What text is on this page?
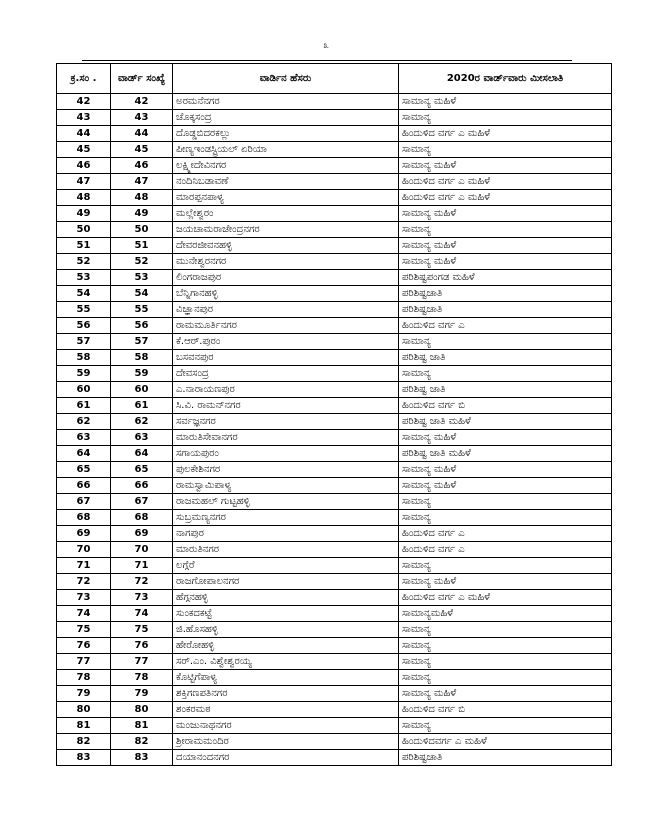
೩
ಕ್ರ.ಸಂ .	ವಾರ್ಡ್ ಸಂಖ್ಯೆ	ವಾರ್ಡಿನ ಹೆಸರು	2020ರ ವಾರ್ಡ್‌ವಾರು ಮೀಸಲಾತಿ
42	42	ಅರಮನೆನಗರ	ಸಾಮಾನ್ಯ ಮಹಿಳೆ
43	43	ಚೊಕ್ಕಸಂದ್ರ	ಸಾಮಾನ್ಯ
44	44	ದೊಡ್ಡಬಿದರಕಲ್ಲು	ಹಿಂದುಳಿದ ವರ್ಗ ಎ ಮಹಿಳೆ
45	45	ಪೀಣ್ಯಇಂಡಸ್ಟ್ರಿಯಲ್ ಏರಿಯಾ	ಸಾಮಾನ್ಯ
46	46	ಲಕ್ಷ್ಮೀದೇವಿನಗರ	ಸಾಮಾನ್ಯ ಮಹಿಳೆ
47	47	ನಂದಿನಿಬಡಾವಣೆ	ಹಿಂದುಳಿದ ವರ್ಗ ಎ ಮಹಿಳೆ
48	48	ಮಾರಪ್ಪನಪಾಳ್ಯ	ಹಿಂದುಳಿದ ವರ್ಗ ಎ ಮಹಿಳೆ
49	49	ಮಲ್ಲೇಶ್ವರಂ	ಸಾಮಾನ್ಯ ಮಹಿಳೆ
50	50	ಜಯಚಾಮರಾಜೇಂದ್ರನಗರ	ಸಾಮಾನ್ಯ
51	51	ದೇವರಜೀವನಹಳ್ಳಿ	ಸಾಮಾನ್ಯ ಮಹಿಳೆ
52	52	ಮುನೇಶ್ವರನಗರ	ಸಾಮಾನ್ಯ ಮಹಿಳೆ
53	53	ಲಿಂಗರಾಜಪುರ	ಪರಿಶಿಷ್ಟಪಂಗಡ ಮಹಿಳೆ
54	54	ಬೆನ್ನಿಗಾನಹಳ್ಳಿ	ಪರಿಶಿಷ್ಟಜಾತಿ
55	55	ವಿಜ್ಞಾನಪುರ	ಪರಿಶಿಷ್ಟಜಾತಿ
56	56	ರಾಮಮೂರ್ತಿನಗರ	ಹಿಂದುಳಿದ ವರ್ಗ ಎ
57	57	ಕೆ.ಆರ್.ಪುರಂ	ಸಾಮಾನ್ಯ
58	58	ಬಸವನಪುರ	ಪರಿಶಿಷ್ಟ ಜಾತಿ
59	59	ದೇವಸಂದ್ರ	ಸಾಮಾನ್ಯ
60	60	ಎ.ನಾರಾಯಣಪುರ	ಪರಿಶಿಷ್ಟ ಜಾತಿ
61	61	ಸಿ.ವಿ. ರಾಮನ್‌ನಗರ	ಹಿಂದುಳಿದ ವರ್ಗ ಬಿ
62	62	ಸರ್ವಜ್ಞನಗರ	ಪರಿಶಿಷ್ಟ ಜಾತಿ ಮಹಿಳೆ
63	63	ಮಾರುತಿಸೇವಾನಗರ	ಸಾಮಾನ್ಯ ಮಹಿಳೆ
64	64	ಸಗಾಯಪುರಂ	ಪರಿಶಿಷ್ಟ ಜಾತಿ ಮಹಿಳೆ
65	65	ಪುಲಕೇಶಿನಗರ	ಸಾಮಾನ್ಯ ಮಹಿಳೆ
66	66	ರಾಮಸ್ವಾಮಿಪಾಳ್ಯ	ಸಾಮಾನ್ಯ ಮಹಿಳೆ
67	67	ರಾಜಮಹಲ್ ಗುಟ್ಟಹಳ್ಳಿ	ಸಾಮಾನ್ಯ
68	68	ಸುಬ್ರಮಣ್ಯನಗರ	ಸಾಮಾನ್ಯ
69	69	ನಾಗಪುರ	ಹಿಂದುಳಿದ ವರ್ಗ ಎ
70	70	ಮಾರುತಿನಗರ	ಹಿಂದುಳಿದ ವರ್ಗ ಎ
71	71	ಲಗ್ಗೆರೆ	ಸಾಮಾನ್ಯ
72	72	ರಾಜಗೋಪಾಲನಗರ	ಸಾಮಾನ್ಯ ಮಹಿಳೆ
73	73	ಹೆಗ್ಗನಹಳ್ಳಿ	ಹಿಂದುಳಿದ ವರ್ಗ ಎ ಮಹಿಳೆ
74	74	ಸುಂಕದಕಟ್ಟೆ	ಸಾಮಾನ್ಯಮಹಿಳೆ
75	75	ಜಿ.ಹೊಸಹಳ್ಳಿ	ಸಾಮಾನ್ಯ
76	76	ಹೇರೋಹಳ್ಳಿ	ಸಾಮಾನ್ಯ
77	77	ಸರ್.ಎಂ. ವಿಶ್ವೇಶ್ವರಯ್ಯ	ಸಾಮಾನ್ಯ
78	78	ಕೊಟ್ಟಿಗೆಪಾಳ್ಯ	ಸಾಮಾನ್ಯ
79	79	ಶಕ್ತಿಗಣಪತಿನಗರ	ಸಾಮಾನ್ಯ ಮಹಿಳೆ
80	80	ಶಂಕರಮಠ	ಹಿಂದುಳಿದ ವರ್ಗ ಬಿ
81	81	ಮಂಜುನಾಥನಗರ	ಸಾಮಾನ್ಯ
82	82	ಶ್ರೀರಾಮಮಂದಿರ	ಹಿಂದುಳಿದವರ್ಗ ಎ ಮಹಿಳೆ
83	83	ದಯಾನಂದನಗರ	ಪರಿಶಿಷ್ಟಜಾತಿ
